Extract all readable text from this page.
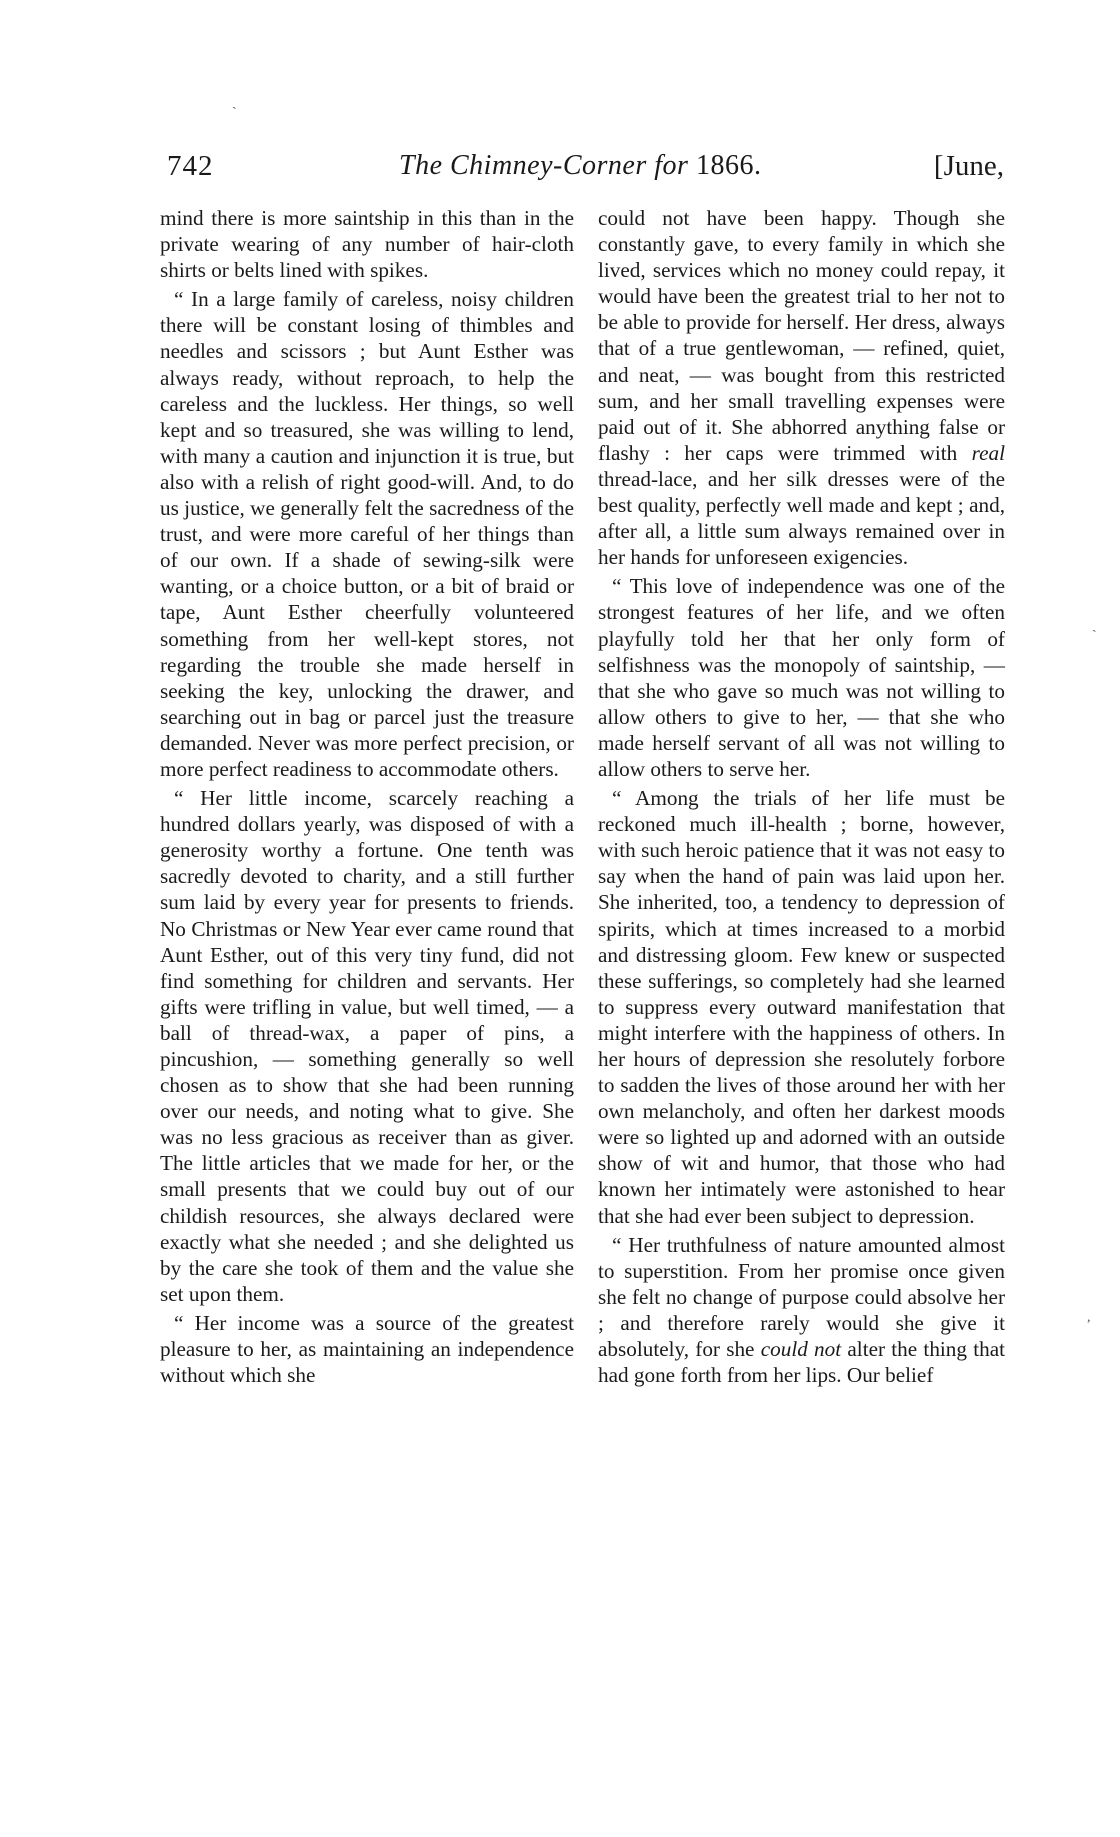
742	The Chimney-Corner for 1866.	[June,

mind there is more saintship in this than in the private wearing of any number of hair-cloth shirts or belts lined with spikes.

“ In a large family of careless, noisy children there will be constant losing of thimbles and needles and scissors ; but Aunt Esther was always ready, without reproach, to help the careless and the luckless. Her things, so well kept and so treasured, she was willing to lend, with many a caution and injunction it is true, but also with a relish of right good-will. And, to do us justice, we generally felt the sacredness of the trust, and were more careful of her things than of our own. If a shade of sewing-silk were wanting, or a choice button, or a bit of braid or tape, Aunt Esther cheerfully volunteered something from her well-kept stores, not regarding the trouble she made herself in seeking the key, unlocking the drawer, and searching out in bag or parcel just the treasure demanded. Never was more perfect precision, or more perfect readiness to accommodate others.

“ Her little income, scarcely reaching a hundred dollars yearly, was disposed of with a generosity worthy a fortune. One tenth was sacredly devoted to charity, and a still further sum laid by every year for presents to friends. No Christmas or New Year ever came round that Aunt Esther, out of this very tiny fund, did not find something for children and servants. Her gifts were trifling in value, but well timed, — a ball of thread-wax, a paper of pins, a pincushion, — something generally so well chosen as to show that she had been running over our needs, and noting what to give. She was no less gracious as receiver than as giver. The little articles that we made for her, or the small presents that we could buy out of our childish resources, she always declared were exactly what she needed ; and she delighted us by the care she took of them and the value she set upon them.

“ Her income was a source of the greatest pleasure to her, as maintaining an independence without which she

could not have been happy. Though she constantly gave, to every family in which she lived, services which no money could repay, it would have been the greatest trial to her not to be able to provide for herself. Her dress, always that of a true gentlewoman, — refined, quiet, and neat, — was bought from this restricted sum, and her small travelling expenses were paid out of it. She abhorred anything false or flashy : her caps were trimmed with real thread-lace, and her silk dresses were of the best quality, perfectly well made and kept ; and, after all, a little sum always remained over in her hands for unforeseen exigencies.

“ This love of independence was one of the strongest features of her life, and we often playfully told her that her only form of selfishness was the monopoly of saintship, — that she who gave so much was not willing to allow others to give to her, — that she who made herself servant of all was not willing to allow others to serve her.

“ Among the trials of her life must be reckoned much ill-health ; borne, however, with such heroic patience that it was not easy to say when the hand of pain was laid upon her. She inherited, too, a tendency to depression of spirits, which at times increased to a morbid and distressing gloom. Few knew or suspected these sufferings, so completely had she learned to suppress every outward manifestation that might interfere with the happiness of others. In her hours of depression she resolutely forbore to sadden the lives of those around her with her own melancholy, and often her darkest moods were so lighted up and adorned with an outside show of wit and humor, that those who had known her intimately were astonished to hear that she had ever been subject to depression.

“ Her truthfulness of nature amounted almost to superstition. From her promise once given she felt no change of purpose could absolve her ; and therefore rarely would she give it absolutely, for she could not alter the thing that had gone forth from her lips. Our belief

ˎ
ˎ
,
